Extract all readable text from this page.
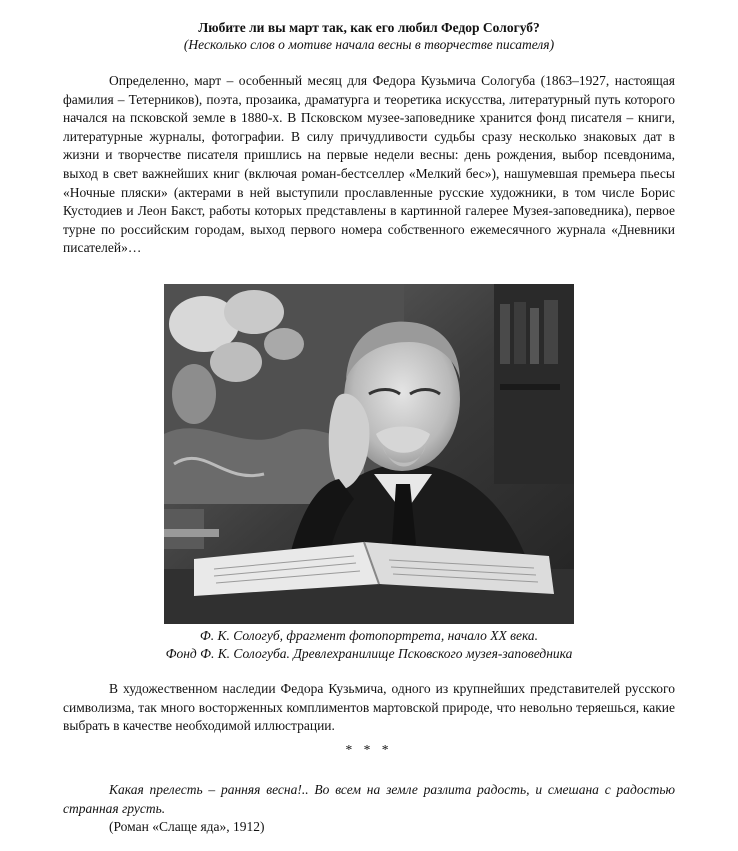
Любите ли вы март так, как его любил Федор Сологуб?
(Несколько слов о мотиве начала весны в творчестве писателя)

Определенно, март – особенный месяц для Федора Кузьмича Сологуба (1863–1927, настоящая фамилия – Тетерников), поэта, прозаика, драматурга и теоретика искусства, литературный путь которого начался на псковской земле в 1880-х. В Псковском музее-заповеднике хранится фонд писателя – книги, литературные журналы, фотографии. В силу причудливости судьбы сразу несколько знаковых дат в жизни и творчестве писателя пришлись на первые недели весны: день рождения, выбор псевдонима, выход в свет важнейших книг (включая роман-бестселлер «Мелкий бес»), нашумевшая премьера пьесы «Ночные пляски» (актерами в ней выступили прославленные русские художники, в том числе Борис Кустодиев и Леон Бакст, работы которых представлены в картинной галерее Музея-заповедника), первое турне по российским городам, выход первого номера собственного ежемесячного журнала «Дневники писателей»…

Ф. К. Сологуб, фрагмент фотопортрета, начало XX века.
Фонд Ф. К. Сологуба. Древлехранилище Псковского музея-заповедника

В художественном наследии Федора Кузьмича, одного из крупнейших представителей русского символизма, так много восторженных комплиментов мартовской природе, что невольно теряешься, какие выбрать в качестве необходимой иллюстрации.

* * *

Какая прелесть – ранняя весна!.. Во всем на земле разлита радость, и смешана с радостью странная грусть.

(Роман «Слаще яда», 1912)
